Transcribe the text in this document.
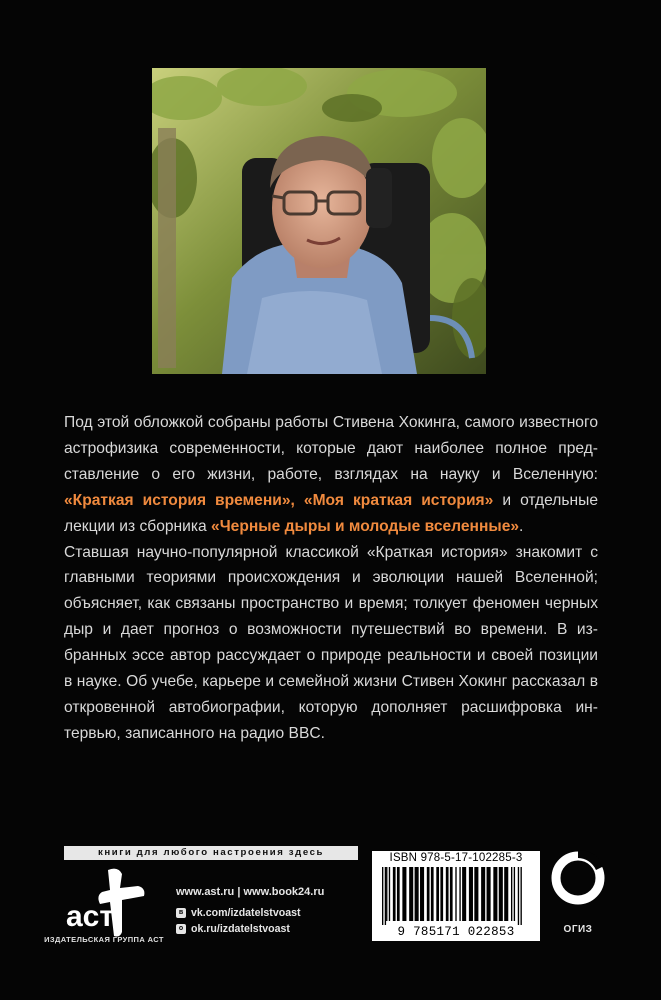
Под этой обложкой собраны работы Стивена Хокинга, самого известного астрофизика современности, которые дают наиболее полное представление о его жизни, работе, взглядах на науку и Вселенную: «Краткая история времени», «Моя краткая история» и отдельные лекции из сборника «Черные дыры и молодые вселенные».

Ставшая научно-популярной классикой «Краткая история» знакомит с главными теориями происхождения и эволюции нашей Вселенной; объясняет, как связаны пространство и время; толкует феномен черных дыр и дает прогноз о возможности путешествий во времени. В избранных эссе автор рассуждает о природе реальности и своей позиции в науке. Об учебе, карьере и семейной жизни Стивен Хокинг рассказал в откровенной автобиографии, которую дополняет расшифровка интервью, записанного на радио BBC.

книги для любого настроения здесь
аст
ИЗДАТЕЛЬСКАЯ ГРУППА АСТ
www.ast.ru | www.book24.ru
в vk.com/izdatelstvoast
о ok.ru/izdatelstvoast
ISBN 978-5-17-102285-3
9 785171 022853	ОГИЗ
